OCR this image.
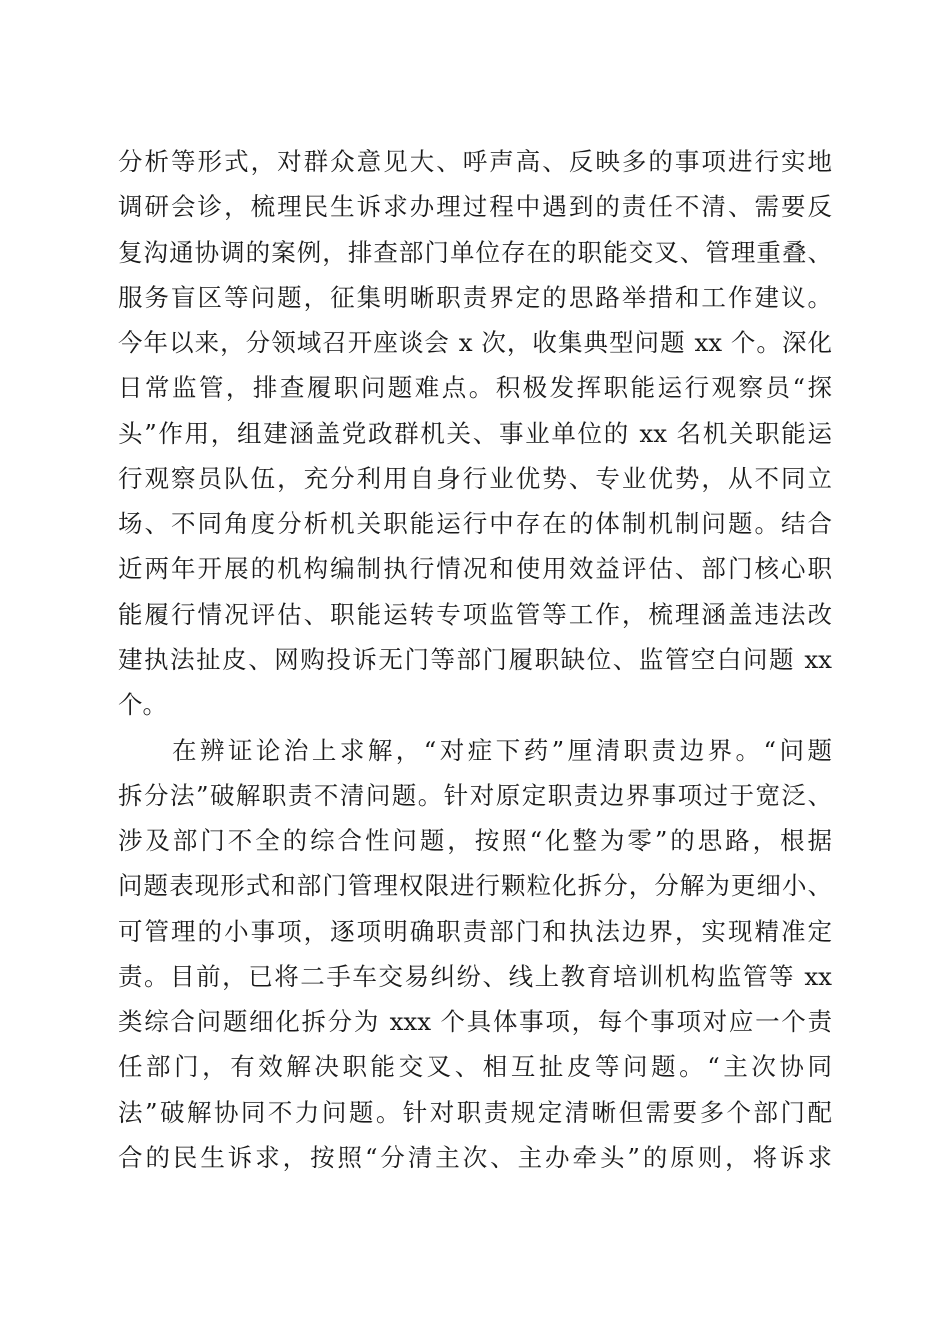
分析等形式，对群众意见大、呼声高、反映多的事项进行实地
调研会诊，梳理民生诉求办理过程中遇到的责任不清、需要反
复沟通协调的案例，排查部门单位存在的职能交叉、管理重叠、
服务盲区等问题，征集明晰职责界定的思路举措和工作建议。
今年以来，分领域召开座谈会 x 次，收集典型问题 xx 个。深化
日常监管，排查履职问题难点。积极发挥职能运行观察员“探
头”作用，组建涵盖党政群机关、事业单位的 xx 名机关职能运
行观察员队伍，充分利用自身行业优势、专业优势，从不同立
场、不同角度分析机关职能运行中存在的体制机制问题。结合
近两年开展的机构编制执行情况和使用效益评估、部门核心职
能履行情况评估、职能运转专项监管等工作，梳理涵盖违法改
建执法扯皮、网购投诉无门等部门履职缺位、监管空白问题 xx
个。
在辨证论治上求解，“对症下药”厘清职责边界。“问题
拆分法”破解职责不清问题。针对原定职责边界事项过于宽泛、
涉及部门不全的综合性问题，按照“化整为零”的思路，根据
问题表现形式和部门管理权限进行颗粒化拆分，分解为更细小、
可管理的小事项，逐项明确职责部门和执法边界，实现精准定
责。目前，已将二手车交易纠纷、线上教育培训机构监管等 xx
类综合问题细化拆分为 xxx 个具体事项，每个事项对应一个责
任部门，有效解决职能交叉、相互扯皮等问题。“主次协同
法”破解协同不力问题。针对职责规定清晰但需要多个部门配
合的民生诉求，按照“分清主次、主办牵头”的原则，将诉求
